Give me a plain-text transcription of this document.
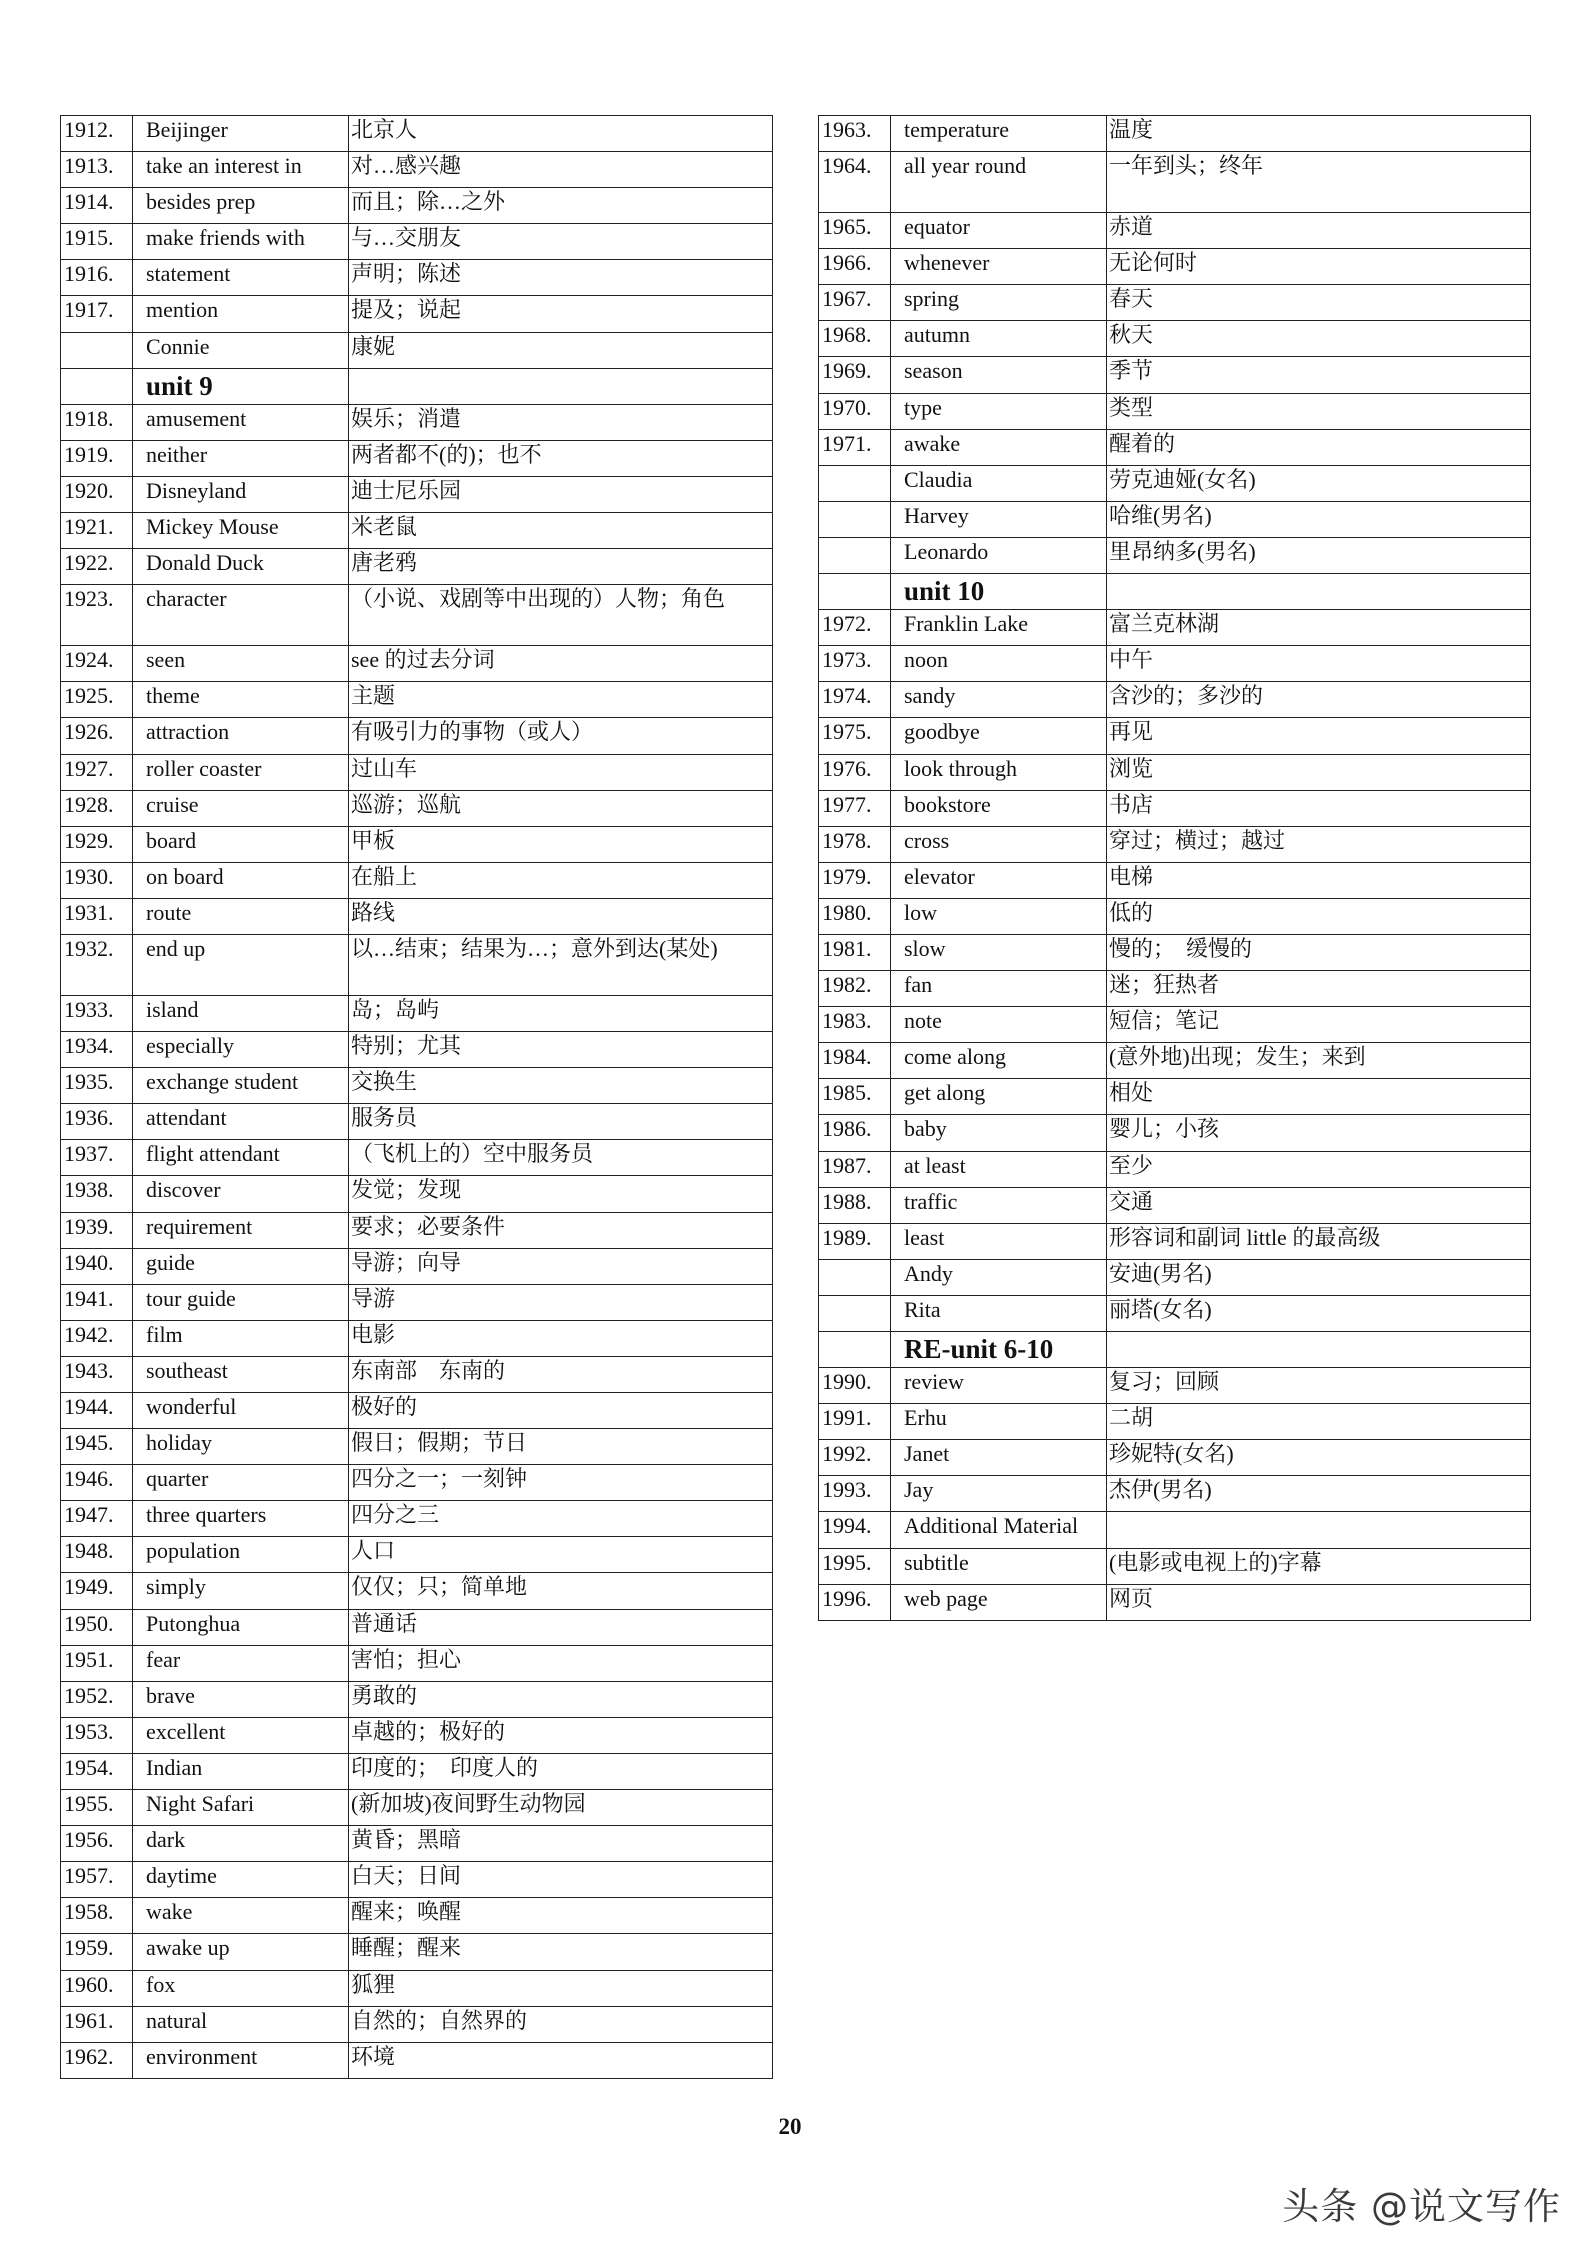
1912.	Beijinger	北京人
1913.	take an interest in	对…感兴趣
1914.	besides prep	而且；除…之外
1915.	make friends with	与…交朋友
1916.	statement	声明；陈述
1917.	mention	提及；说起
	Connie	康妮
	unit 9	
1918.	amusement	娱乐；消遣
1919.	neither	两者都不(的)；也不
1920.	Disneyland	迪士尼乐园
1921.	Mickey Mouse	米老鼠
1922.	Donald Duck	唐老鸦
1923.	character	（小说、戏剧等中出现的）人物；角色
1924.	seen	see 的过去分词
1925.	theme	主题
1926.	attraction	有吸引力的事物（或人）
1927.	roller coaster	过山车
1928.	cruise	巡游；巡航
1929.	board	甲板
1930.	on board	在船上
1931.	route	路线
1932.	end up	以…结束；结果为…；意外到达(某处)
1933.	island	岛；岛屿
1934.	especially	特别；尤其
1935.	exchange student	交换生
1936.	attendant	服务员
1937.	flight attendant	（飞机上的）空中服务员
1938.	discover	发觉；发现
1939.	requirement	要求；必要条件
1940.	guide	导游；向导
1941.	tour guide	导游
1942.	film	电影
1943.	southeast	东南部　东南的
1944.	wonderful	极好的
1945.	holiday	假日；假期；节日
1946.	quarter	四分之一；一刻钟
1947.	three quarters	四分之三
1948.	population	人口
1949.	simply	仅仅；只；简单地
1950.	Putonghua	普通话
1951.	fear	害怕；担心
1952.	brave	勇敢的
1953.	excellent	卓越的；极好的
1954.	Indian	印度的；　印度人的
1955.	Night Safari	(新加坡)夜间野生动物园
1956.	dark	黄昏；黑暗
1957.	daytime	白天；日间
1958.	wake	醒来；唤醒
1959.	awake up	睡醒；醒来
1960.	fox	狐狸
1961.	natural	自然的；自然界的
1962.	environment	环境
1963.	temperature	温度
1964.	all year round	一年到头；终年
1965.	equator	赤道
1966.	whenever	无论何时
1967.	spring	春天
1968.	autumn	秋天
1969.	season	季节
1970.	type	类型
1971.	awake	醒着的
	Claudia	劳克迪娅(女名)
	Harvey	哈维(男名)
	Leonardo	里昂纳多(男名)
	unit 10	
1972.	Franklin Lake	富兰克林湖
1973.	noon	中午
1974.	sandy	含沙的；多沙的
1975.	goodbye	再见
1976.	look through	浏览
1977.	bookstore	书店
1978.	cross	穿过；横过；越过
1979.	elevator	电梯
1980.	low	低的
1981.	slow	慢的；　缓慢的
1982.	fan	迷；狂热者
1983.	note	短信；笔记
1984.	come along	(意外地)出现；发生；来到
1985.	get along	相处
1986.	baby	婴儿；小孩
1987.	at least	至少
1988.	traffic	交通
1989.	least	形容词和副词 little 的最高级
	Andy	安迪(男名)
	Rita	丽塔(女名)
	RE-unit 6-10	
1990.	review	复习；回顾
1991.	Erhu	二胡
1992.	Janet	珍妮特(女名)
1993.	Jay	杰伊(男名)
1994.	Additional Material	
1995.	subtitle	(电影或电视上的)字幕
1996.	web page	网页
20
头条 @说文写作
